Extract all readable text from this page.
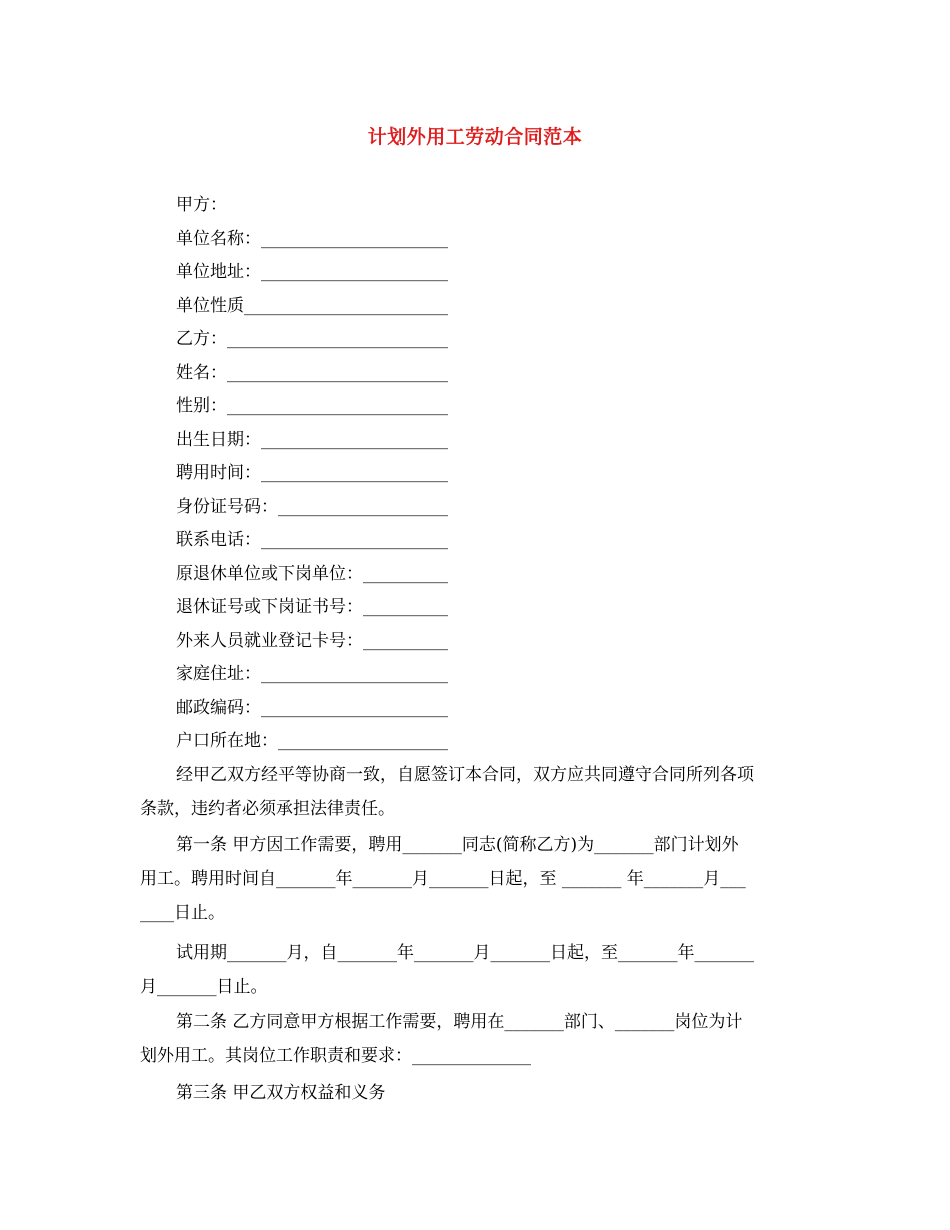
计划外用工劳动合同范本
甲方：
单位名称：______________________
单位地址：______________________
单位性质________________________
乙方：__________________________
姓名：__________________________
性别：__________________________
出生日期：______________________
聘用时间：______________________
身份证号码：____________________
联系电话：______________________
原退休单位或下岗单位：__________
退休证号或下岗证书号：__________
外来人员就业登记卡号：__________
家庭住址：______________________
邮政编码：______________________
户口所在地：____________________
经甲乙双方经平等协商一致，自愿签订本合同，双方应共同遵守合同所列各项
条款，违约者必须承担法律责任。
第一条 甲方因工作需要，聘用_______同志(简称乙方)为_______部门计划外
用工。聘用时间自_______年_______月_______日起，至 _______ 年_______月___
____日止。
试用期_______月，自_______年_______月_______日起，至_______年_______
月_______日止。
第二条 乙方同意甲方根据工作需要，聘用在_______部门、_______岗位为计
划外用工。其岗位工作职责和要求：______________
第三条 甲乙双方权益和义务
